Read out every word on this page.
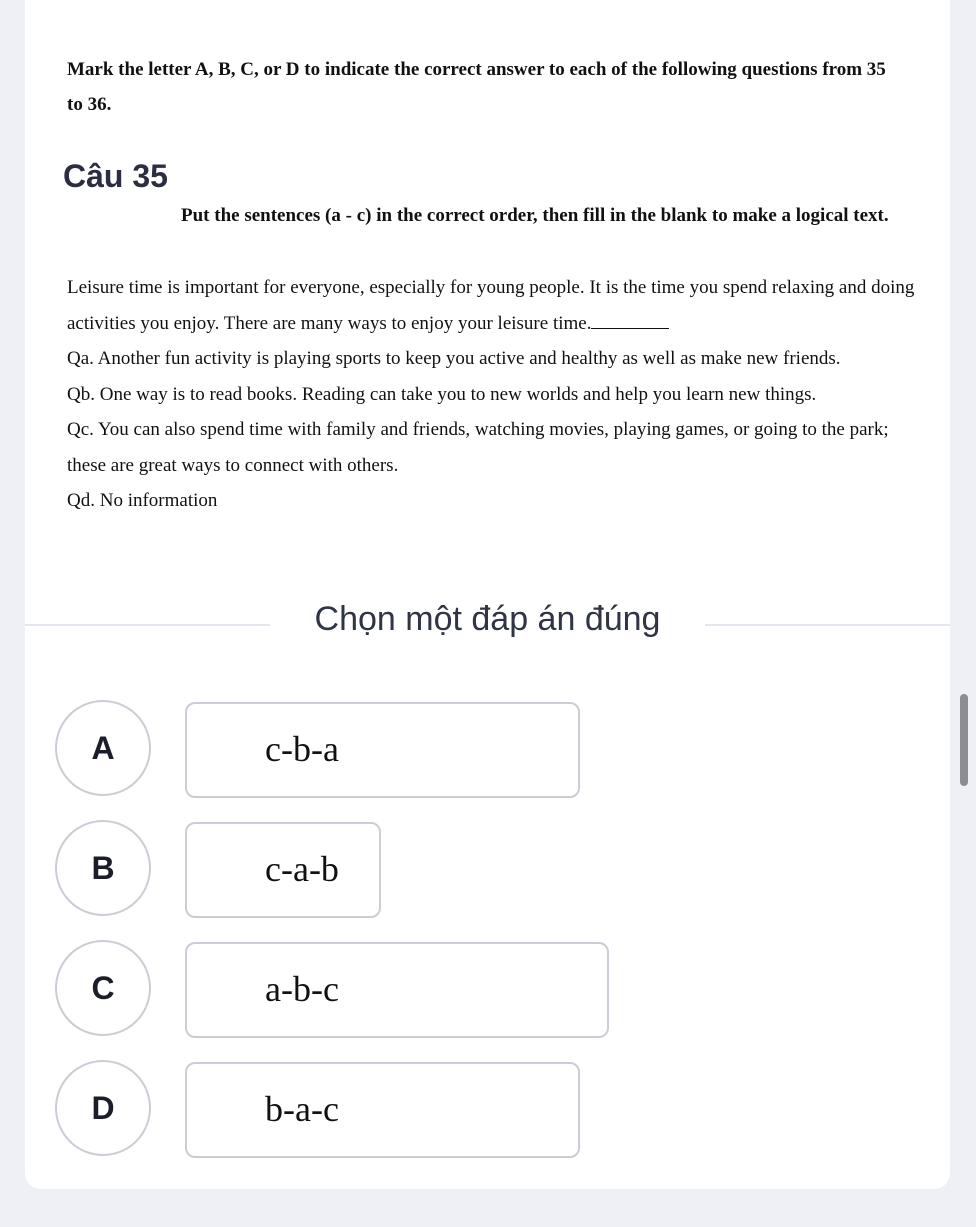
Mark the letter A, B, C, or D to indicate the correct answer to each of the following questions from 35 to 36.
Câu 35
Put the sentences (a - c) in the correct order, then fill in the blank to make a logical text.

Leisure time is important for everyone, especially for young people. It is the time you spend relaxing and doing activities you enjoy. There are many ways to enjoy your leisure time.

Qa. Another fun activity is playing sports to keep you active and healthy as well as make new friends.

Qb. One way is to read books. Reading can take you to new worlds and help you learn new things.

Qc. You can also spend time with family and friends, watching movies, playing games, or going to the park; these are great ways to connect with others.

Qd. No information

Chọn một đáp án đúng
A	c-b-a
B	c-a-b
C	a-b-c
D	b-a-c
